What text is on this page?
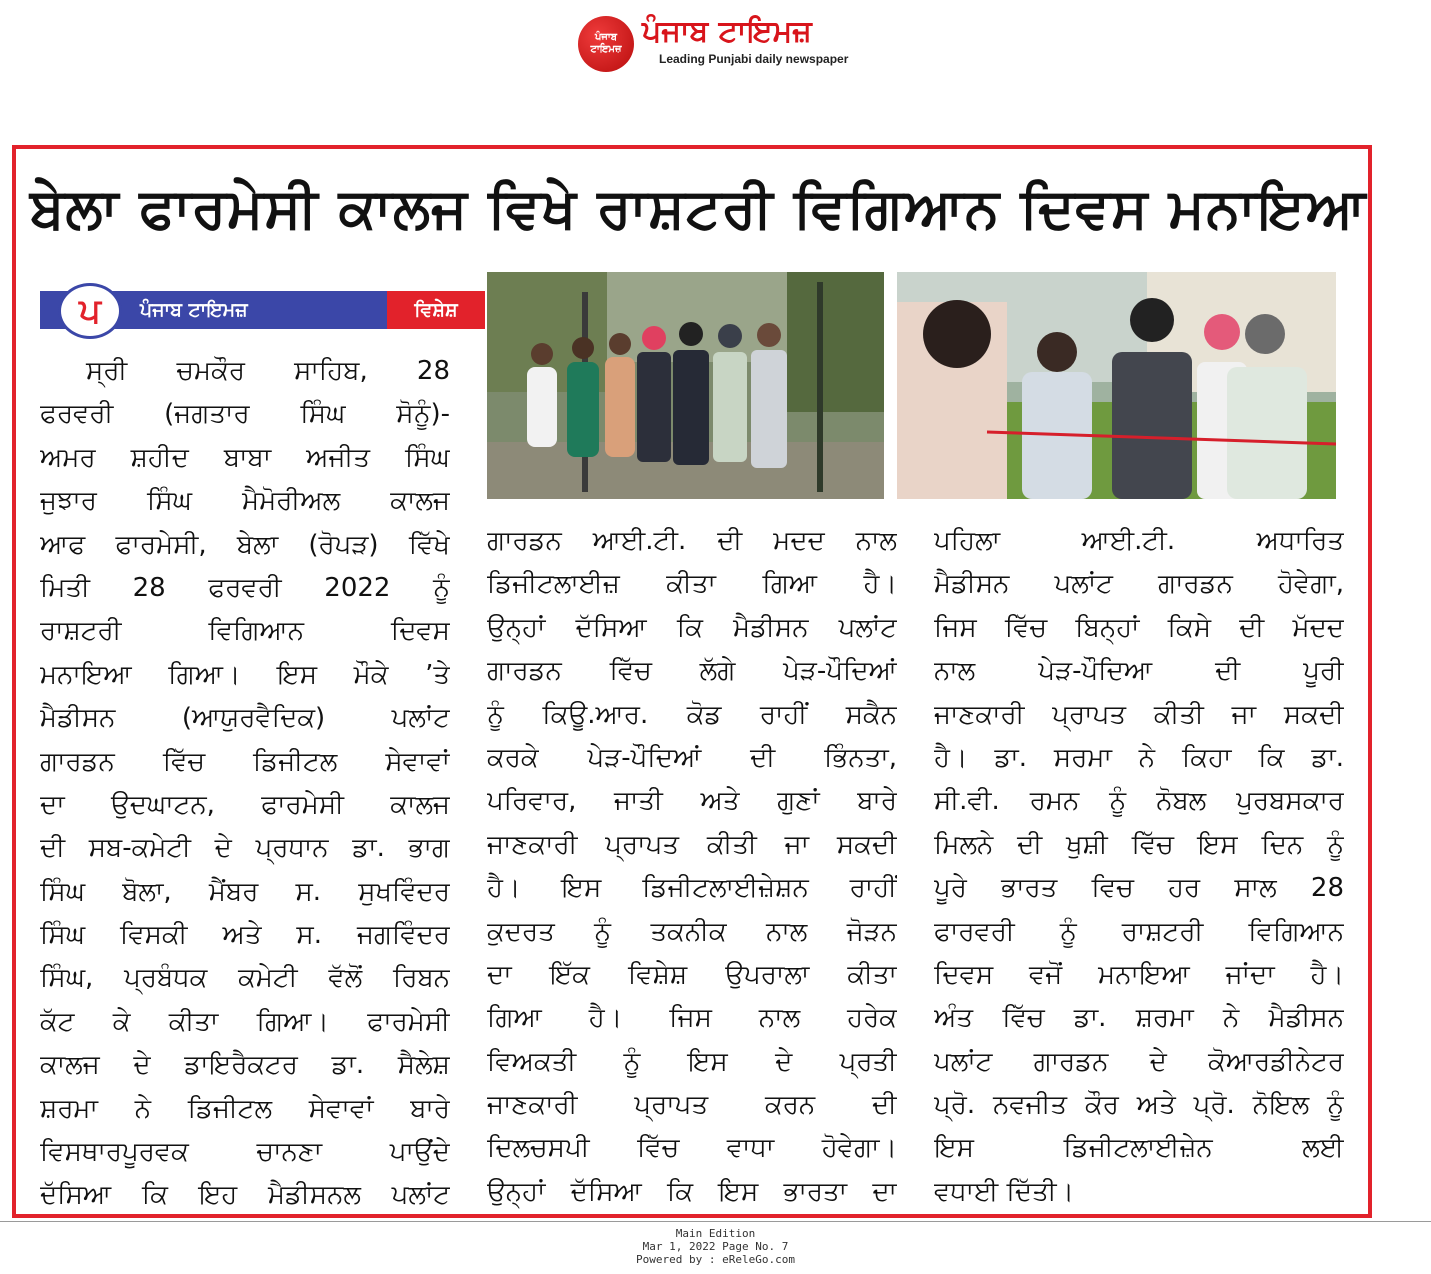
ਪੰਜਾਬ ਟਾਇਮਜ਼
ਪੰਜਾਬ ਟਾਇਮਜ਼
Leading Punjabi daily newspaper
ਬੇਲਾ ਫਾਰਮੇਸੀ ਕਾਲਜ ਵਿਖੇ ਰਾਸ਼ਟਰੀ ਵਿਗਿਆਨ ਦਿਵਸ ਮਨਾਇਆ
ਪ ਪੰਜਾਬ ਟਾਇਮਜ਼	ਵਿਸ਼ੇਸ਼
ਸ੍ਰੀ ਚਮਕੌਰ ਸਾਹਿਬ, 28
ਫਰਵਰੀ (ਜਗਤਾਰ ਸਿੰਘ ਸੋਨੂੰ)-
ਅਮਰ ਸ਼ਹੀਦ ਬਾਬਾ ਅਜੀਤ ਸਿੰਘ
ਜੁਝਾਰ ਸਿੰਘ ਮੈਮੋਰੀਅਲ ਕਾਲਜ
ਆਫ ਫਾਰਮੇਸੀ, ਬੇਲਾ (ਰੋਪੜ) ਵਿੱਖੇ
ਮਿਤੀ 28 ਫਰਵਰੀ 2022 ਨੂੰ
ਰਾਸ਼ਟਰੀ ਵਿਗਿਆਨ ਦਿਵਸ
ਮਨਾਇਆ ਗਿਆ। ਇਸ ਮੌਕੇ ’ਤੇ
ਮੈਡੀਸਨ (ਆਯੁਰਵੈਦਿਕ) ਪਲਾਂਟ
ਗਾਰਡਨ ਵਿੱਚ ਡਿਜੀਟਲ ਸੇਵਾਵਾਂ
ਦਾ ਉਦਘਾਟਨ, ਫਾਰਮੇਸੀ ਕਾਲਜ
ਦੀ ਸਬ-ਕਮੇਟੀ ਦੇ ਪ੍ਰਧਾਨ ਡਾ. ਭਾਗ
ਸਿੰਘ ਬੋਲਾ, ਮੈਂਬਰ ਸ. ਸੁਖਵਿੰਦਰ
ਸਿੰਘ ਵਿਸਕੀ ਅਤੇ ਸ. ਜਗਵਿੰਦਰ
ਸਿੰਘ, ਪ੍ਰਬੰਧਕ ਕਮੇਟੀ ਵੱਲੋਂ ਰਿਬਨ
ਕੱਟ ਕੇ ਕੀਤਾ ਗਿਆ। ਫਾਰਮੇਸੀ
ਕਾਲਜ ਦੇ ਡਾਇਰੈਕਟਰ ਡਾ. ਸੈਲੇਸ਼
ਸ਼ਰਮਾ ਨੇ ਡਿਜੀਟਲ ਸੇਵਾਵਾਂ ਬਾਰੇ
ਵਿਸਥਾਰਪੂਰਵਕ ਚਾਨਣਾ ਪਾਉਂਦੇ
ਦੱਸਿਆ ਕਿ ਇਹ ਮੈਡੀਸਨਲ ਪਲਾਂਟ
ਗਾਰਡਨ ਆਈ.ਟੀ. ਦੀ ਮਦਦ ਨਾਲ
ਡਿਜੀਟਲਾਈਜ਼ ਕੀਤਾ ਗਿਆ ਹੈ।
ਉਨ੍ਹਾਂ ਦੱਸਿਆ ਕਿ ਮੈਡੀਸਨ ਪਲਾਂਟ
ਗਾਰਡਨ ਵਿੱਚ ਲੱਗੇ ਪੇੜ-ਪੌਦਿਆਂ
ਨੂੰ ਕਿਊ.ਆਰ. ਕੋਡ ਰਾਹੀਂ ਸਕੈਨ
ਕਰਕੇ ਪੇੜ-ਪੌਦਿਆਂ ਦੀ ਭਿੰਨਤਾ,
ਪਰਿਵਾਰ, ਜਾਤੀ ਅਤੇ ਗੁਣਾਂ ਬਾਰੇ
ਜਾਣਕਾਰੀ ਪ੍ਰਾਪਤ ਕੀਤੀ ਜਾ ਸਕਦੀ
ਹੈ। ਇਸ ਡਿਜੀਟਲਾਈਜ਼ੇਸ਼ਨ ਰਾਹੀਂ
ਕੁਦਰਤ ਨੂੰ ਤਕਨੀਕ ਨਾਲ ਜੋੜਨ
ਦਾ ਇੱਕ ਵਿਸ਼ੇਸ਼ ਉਪਰਾਲਾ ਕੀਤਾ
ਗਿਆ ਹੈ। ਜਿਸ ਨਾਲ ਹਰੇਕ
ਵਿਅਕਤੀ ਨੂੰ ਇਸ ਦੇ ਪ੍ਰਤੀ
ਜਾਣਕਾਰੀ ਪ੍ਰਾਪਤ ਕਰਨ ਦੀ
ਦਿਲਚਸਪੀ ਵਿੱਚ ਵਾਧਾ ਹੋਵੇਗਾ।
ਉਨ੍ਹਾਂ ਦੱਸਿਆ ਕਿ ਇਸ ਭਾਰਤਾ ਦਾ
ਪਹਿਲਾ ਆਈ.ਟੀ. ਅਧਾਰਿਤ
ਮੈਡੀਸਨ ਪਲਾਂਟ ਗਾਰਡਨ ਹੋਵੇਗਾ,
ਜਿਸ ਵਿੱਚ ਬਿਨ੍ਹਾਂ ਕਿਸੇ ਦੀ ਮੱਦਦ
ਨਾਲ ਪੇੜ-ਪੌਦਿਆ ਦੀ ਪੂਰੀ
ਜਾਣਕਾਰੀ ਪ੍ਰਾਪਤ ਕੀਤੀ ਜਾ ਸਕਦੀ
ਹੈ। ਡਾ. ਸਰਮਾ ਨੇ ਕਿਹਾ ਕਿ ਡਾ.
ਸੀ.ਵੀ. ਰਮਨ ਨੂੰ ਨੋਬਲ ਪੁਰਬਸਕਾਰ
ਮਿਲਨੇ ਦੀ ਖੁਸ਼ੀ ਵਿੱਚ ਇਸ ਦਿਨ ਨੂੰ
ਪੂਰੇ ਭਾਰਤ ਵਿਚ ਹਰ ਸਾਲ 28
ਫਾਰਵਰੀ ਨੂੰ ਰਾਸ਼ਟਰੀ ਵਿਗਿਆਨ
ਦਿਵਸ ਵਜੋਂ ਮਨਾਇਆ ਜਾਂਦਾ ਹੈ।
ਅੰਤ ਵਿੱਚ ਡਾ. ਸ਼ਰਮਾ ਨੇ ਮੈਡੀਸਨ
ਪਲਾਂਟ ਗਾਰਡਨ ਦੇ ਕੋਆਰਡੀਨੇਟਰ
ਪ੍ਰੋ. ਨਵਜੀਤ ਕੌਰ ਅਤੇ ਪ੍ਰੋ. ਨੋਇਲ ਨੂੰ
ਇਸ ਡਿਜੀਟਲਾਈਜ਼ੇਨ ਲਈ
ਵਧਾਈ ਦਿੱਤੀ।
Main Edition
Mar 1, 2022 Page No. 7
Powered by : eReleGo.com
